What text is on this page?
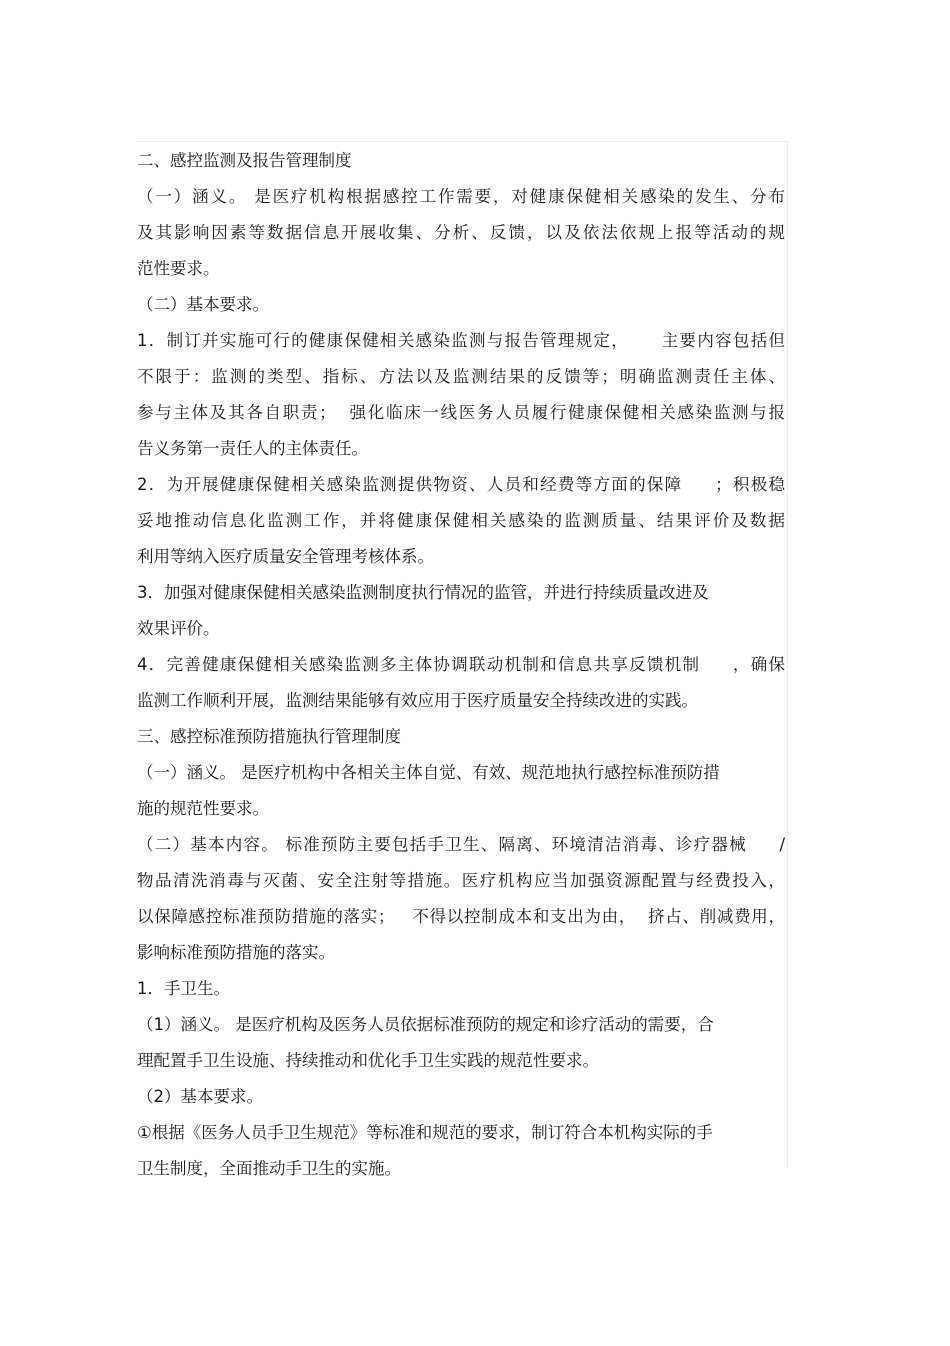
二、感控监测及报告管理制度
（一）涵义。 是医疗机构根据感控工作需要，对健康保健相关感染的发生、分布
及其影响因素等数据信息开展收集、分析、反馈，以及依法依规上报等活动的规
范性要求。
（二）基本要求。
1．制订并实施可行的健康保健相关感染监测与报告管理规定，     主要内容包括但
不限于：监测的类型、指标、方法以及监测结果的反馈等；明确监测责任主体、
参与主体及其各自职责；  强化临床一线医务人员履行健康保健相关感染监测与报
告义务第一责任人的主体责任。
2．为开展健康保健相关感染监测提供物资、人员和经费等方面的保障     ；积极稳
妥地推动信息化监测工作，并将健康保健相关感染的监测质量、结果评价及数据
利用等纳入医疗质量安全管理考核体系。
3．加强对健康保健相关感染监测制度执行情况的监管，并进行持续质量改进及
效果评价。
4．完善健康保健相关感染监测多主体协调联动机制和信息共享反馈机制     ，确保
监测工作顺利开展，监测结果能够有效应用于医疗质量安全持续改进的实践。
三、感控标准预防措施执行管理制度
（一）涵义。 是医疗机构中各相关主体自觉、有效、规范地执行感控标准预防措
施的规范性要求。
（二）基本内容。 标准预防主要包括手卫生、隔离、环境清洁消毒、诊疗器械     /
物品清洗消毒与灭菌、安全注射等措施。医疗机构应当加强资源配置与经费投入，
以保障感控标准预防措施的落实；   不得以控制成本和支出为由，  挤占、削减费用，
影响标准预防措施的落实。
1．手卫生。
（1）涵义。 是医疗机构及医务人员依据标准预防的规定和诊疗活动的需要，合
理配置手卫生设施、持续推动和优化手卫生实践的规范性要求。
（2）基本要求。
①根据《医务人员手卫生规范》等标准和规范的要求，制订符合本机构实际的手
卫生制度，全面推动手卫生的实施。
